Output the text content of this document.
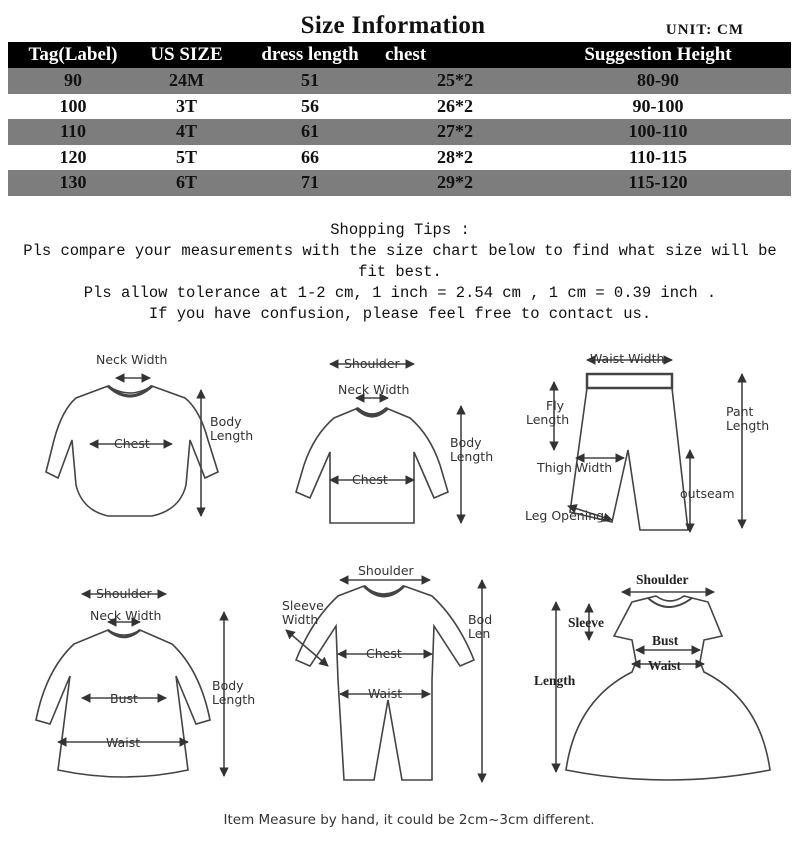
Size Information	UNIT: CM
Tag(Label)	US SIZE	dress length	chest	Suggestion Height
90	24M	51	25*2	80-90
100	3T	56	26*2	90-100
110	4T	61	27*2	100-110
120	5T	66	28*2	110-115
130	6T	71	29*2	115-120
Shopping Tips :
Pls compare your measurements with the size chart below to find what size will be fit best.
Pls allow tolerance at 1-2 cm, 1 inch = 2.54 cm , 1 cm = 0.39 inch .
If you have confusion, please feel free to contact us.
Neck Width
Chest
Body
Length
Shoulder
Neck Width
Chest
Body
Length
Waist Width
Fly
Length
Pant
Length
Thigh Width
outseam
Leg Opening
Shoulder
Neck Width
Bust
Waist
Body
Length
Shoulder
Sleeve
Width
Chest
Waist
Bod
Len
Shoulder
Sleeve
Bust
Waist
Length
Item Measure by hand, it could be 2cm~3cm different.
